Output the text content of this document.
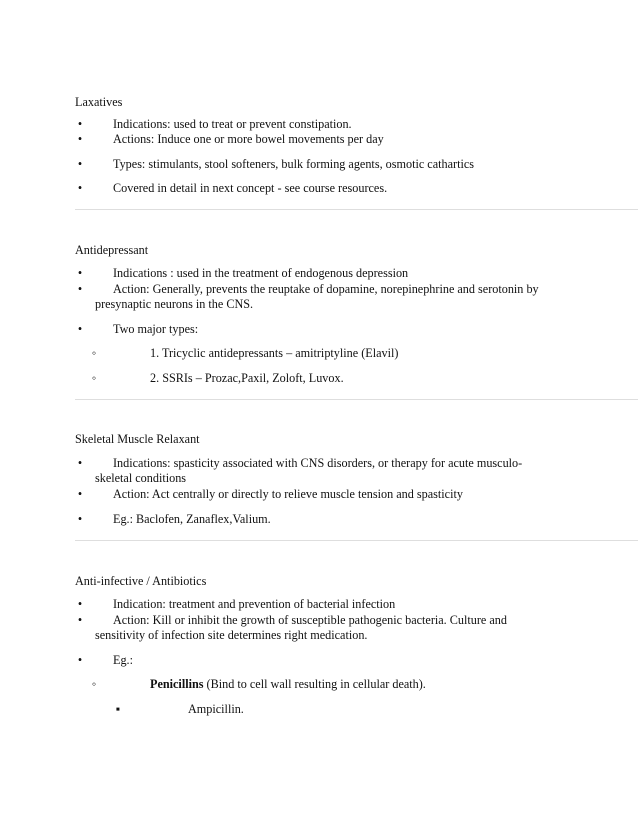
Laxatives
•	Indications: used to treat or prevent constipation.
•	Actions: Induce one or more bowel movements per day
•	Types: stimulants, stool softeners, bulk forming agents, osmotic cathartics
•	Covered in detail in next concept - see course resources.
Antidepressant
•	Indications : used in the treatment of endogenous depression
•	Action: Generally, prevents the reuptake of dopamine, norepinephrine and serotonin by
presynaptic neurons in the CNS.
•	Two major types:
◦	1. Tricyclic antidepressants – amitriptyline (Elavil)
◦	2. SSRIs – Prozac,Paxil, Zoloft, Luvox.
Skeletal Muscle Relaxant
•	Indications: spasticity associated with CNS disorders, or therapy for acute musculo-
skeletal conditions
•	Action: Act centrally or directly to relieve muscle tension and spasticity
•	Eg.: Baclofen, Zanaflex,Valium.
Anti-infective / Antibiotics
•	Indication: treatment and prevention of bacterial infection
•	Action: Kill or inhibit the growth of susceptible pathogenic bacteria. Culture and
sensitivity of infection site determines right medication.
•	Eg.:
◦	Penicillins (Bind to cell wall resulting in cellular death).
▪	Ampicillin.
